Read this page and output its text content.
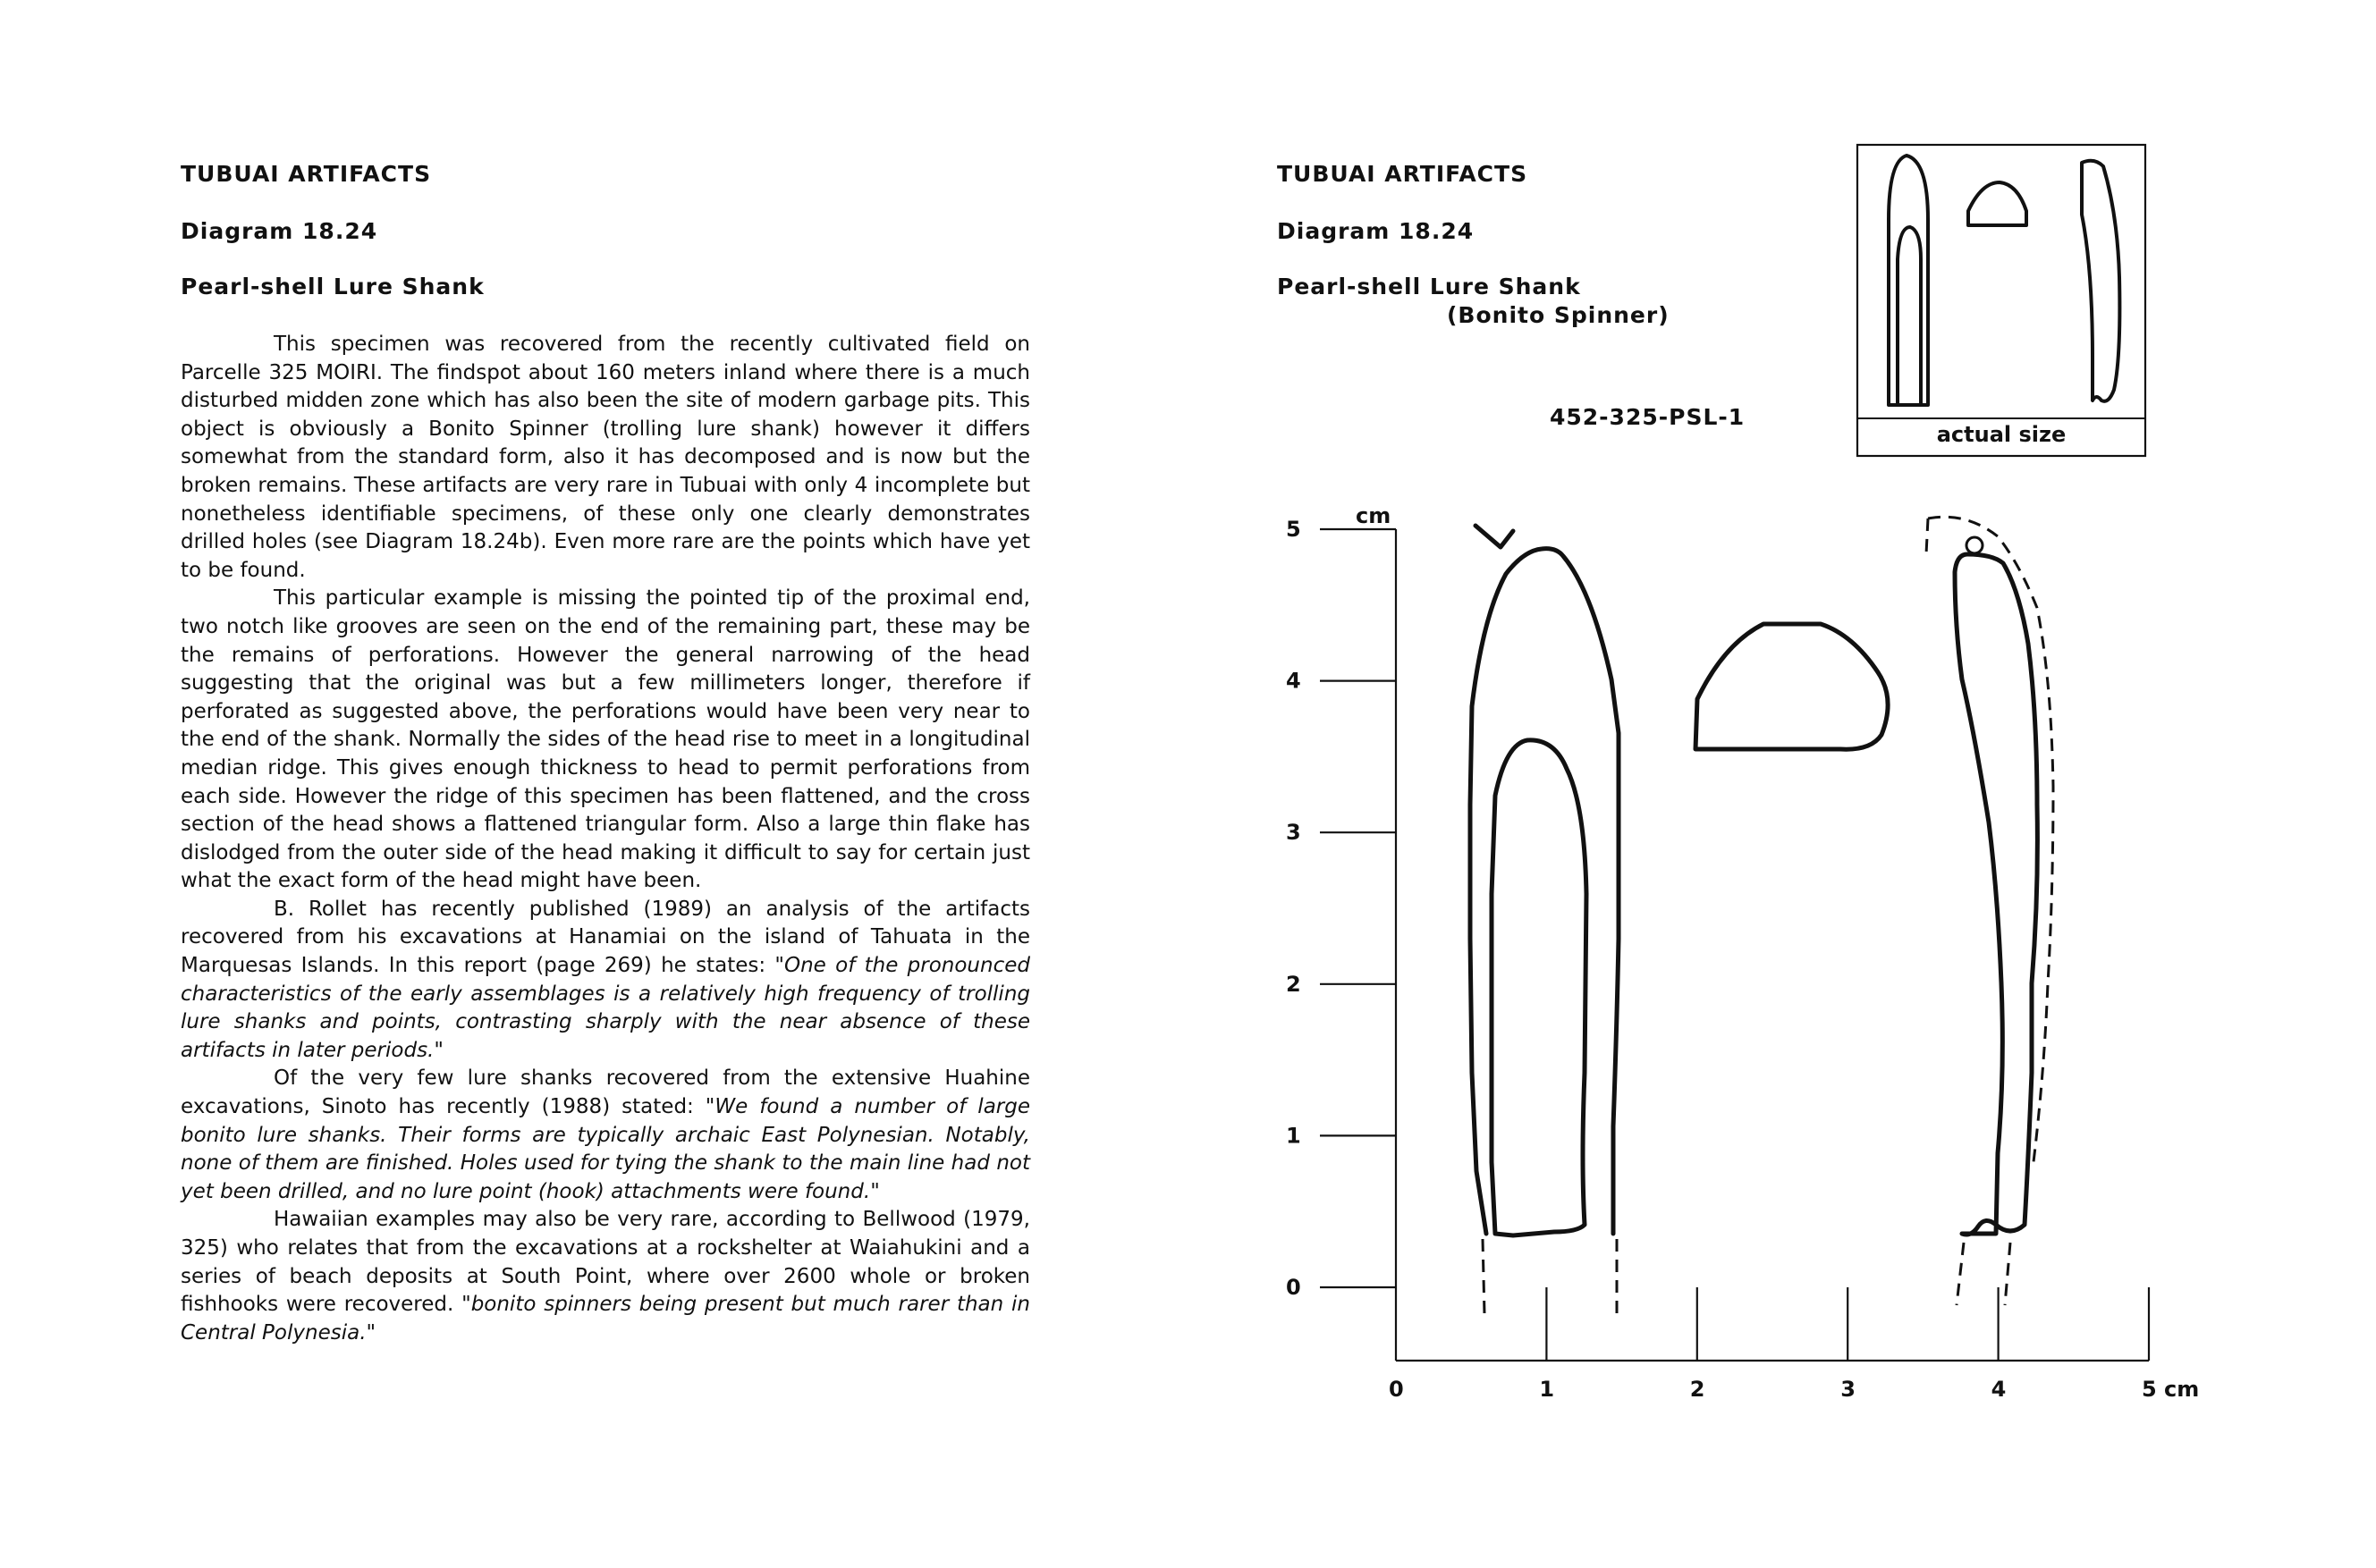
TUBUAI ARTIFACTS
Diagram 18.24
Pearl-shell Lure Shank

This specimen was recovered from the recently cultivated field on Parcelle 325 MOIRI. The findspot about 160 meters inland where there is a much disturbed midden zone which has also been the site of modern garbage pits. This object is obviously a Bonito Spinner (trolling lure shank) however it differs somewhat from the standard form, also it has decomposed and is now but the broken remains. These artifacts are very rare in Tubuai with only 4 incomplete but nonetheless identifiable specimens, of these only one clearly demonstrates drilled holes (see Diagram 18.24b). Even more rare are the points which have yet to be found.

This particular example is missing the pointed tip of the proximal end, two notch like grooves are seen on the end of the remaining part, these may be the remains of perforations. However the general narrowing of the head suggesting that the original was but a few millimeters longer, therefore if perforated as suggested above, the perforations would have been very near to the end of the shank. Normally the sides of the head rise to meet in a longitudinal median ridge. This gives enough thickness to head to permit perforations from each side. However the ridge of this specimen has been flattened, and the cross section of the head shows a flattened triangular form. Also a large thin flake has dislodged from the outer side of the head making it difficult to say for certain just what the exact form of the head might have been.

B. Rollet has recently published (1989) an analysis of the artifacts recovered from his excavations at Hanamiai on the island of Tahuata in the Marquesas Islands. In this report (page 269) he states: "One of the pronounced characteristics of the early assemblages is a relatively high frequency of trolling lure shanks and points, contrasting sharply with the near absence of these artifacts in later periods."

Of the very few lure shanks recovered from the extensive Huahine excavations, Sinoto has recently (1988) stated: "We found a number of large bonito lure shanks. Their forms are typically archaic East Polynesian. Notably, none of them are finished. Holes used for tying the shank to the main line had not yet been drilled, and no lure point (hook) attachments were found."

Hawaiian examples may also be very rare, according to Bellwood (1979, 325) who relates that from the excavations at a rockshelter at Waiahukini and a series of beach deposits at South Point, where over 2600 whole or broken fishhooks were recovered. "bonito spinners being present but much rarer than in Central Polynesia."

TUBUAI ARTIFACTS
Diagram 18.24
Pearl-shell Lure Shank
(Bonito Spinner)
452-325-PSL-1
actual size
cm
5
4
3
2
1
0
0	1	2	3	4	5 cm
